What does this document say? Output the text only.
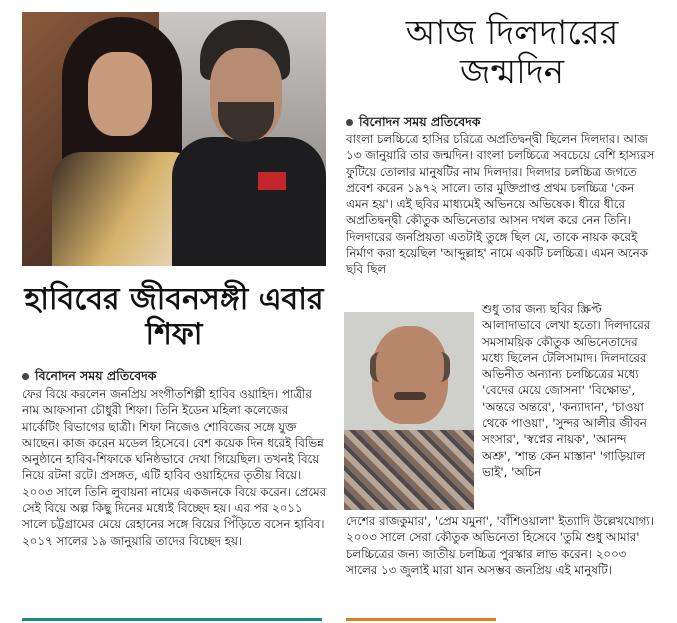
আজ দিলদারের জন্মদিন
বিনোদন সময় প্রতিবেদক

বাংলা চলচ্চিত্রে হাসির চরিত্রে অপ্রতিদ্বন্দ্বী ছিলেন দিলদার। আজ ১৩ জানুয়ারি তার জন্মদিন। বাংলা চলচ্চিত্রে সবচেয়ে বেশি হাস্যরস ফুটিয়ে তোলার মানুষটির নাম দিলদার। দিলদার চলচ্চিত্র জগতে প্রবেশ করেন ১৯৭২ সালে। তার মুক্তিপ্রাপ্ত প্রথম চলচ্চিত্র 'কেন এমন হয়'। এই ছবির মাধ্যমেই অভিনয়ে অভিষেক। ধীরে ধীরে অপ্রতিদ্বন্দ্বী কৌতুক অভিনেতার আসন দখল করে নেন তিনি। দিলদারের জনপ্রিয়তা এতটাই তুঙ্গে ছিল যে, তাকে নায়ক করেই নির্মাণ করা হয়েছিল 'আব্দুল্লাহ' নামে একটি চলচ্চিত্র। এমন অনেক ছবি ছিল

শুধু তার জন্য ছবির স্ক্রিপ্ট আলাদাভাবে লেখা হতো। দিলদারের সমসাময়িক কৌতুক অভিনেতাদের মধ্যে ছিলেন টেলিসামাদ। দিলদারের অভিনীত অন্যান্য চলচ্চিত্রের মধ্যে 'বেদের মেয়ে জোসনা' 'বিক্ষোভ', 'অন্তরে অন্তরে', 'কন্যাদান', 'চাওয়া থেকে পাওয়া', 'সুন্দর আলীর জীবন সংসার', 'স্বপ্নের নায়ক', 'আনন্দ অশ্রু', 'শান্ত কেন মাস্তান' 'গাড়িয়াল ভাই', 'অচিন

দেশের রাজকুমার', 'প্রেম যমুনা', 'বাঁশিওয়ালা' ইত্যাদি উল্লেখযোগ্য। ২০০৩ সালে সেরা কৌতুক অভিনেতা হিসেবে 'তুমি শুধু আমার' চলচ্চিত্রের জন্য জাতীয় চলচ্চিত্র পুরস্কার লাভ করেন। ২০০৩ সালের ১৩ জুলাই মারা যান অসম্ভব জনপ্রিয় এই মানুষটি।

হাবিবের জীবনসঙ্গী এবার শিফা
বিনোদন সময় প্রতিবেদক

ফের বিয়ে করলেন জনপ্রিয় সংগীতশিল্পী হাবিব ওয়াহিদ। পাত্রীর নাম আফসানা চৌধুরী শিফা। তিনি ইডেন মহিলা কলেজের মার্কেটিং বিভাগের ছাত্রী। শিফা নিজেও শোবিজের সঙ্গে যুক্ত আছেন। কাজ করেন মডেল হিসেবে। বেশ কয়েক দিন ধরেই বিভিন্ন অনুষ্ঠানে হাবিব-শিফাকে ঘনিষ্ঠভাবে দেখা গিয়েছিল। তখনই বিয়ে নিয়ে রটনা রটে। প্রসঙ্গত, এটি হাবিব ওয়াহিদের তৃতীয় বিয়ে। ২০০৩ সালে তিনি লুবায়না নামের একজনকে বিয়ে করেন। প্রেমের সেই বিয়ে অল্প কিছু দিনের মধ্যেই বিচ্ছেদ হয়। এর পর ২০১১ সালে চট্টগ্রামের মেয়ে রেহানের সঙ্গে বিয়ের পিঁড়িতে বসেন হাবিব। ২০১৭ সালের ১৯ জানুয়ারি তাদের বিচ্ছেদ হয়।
